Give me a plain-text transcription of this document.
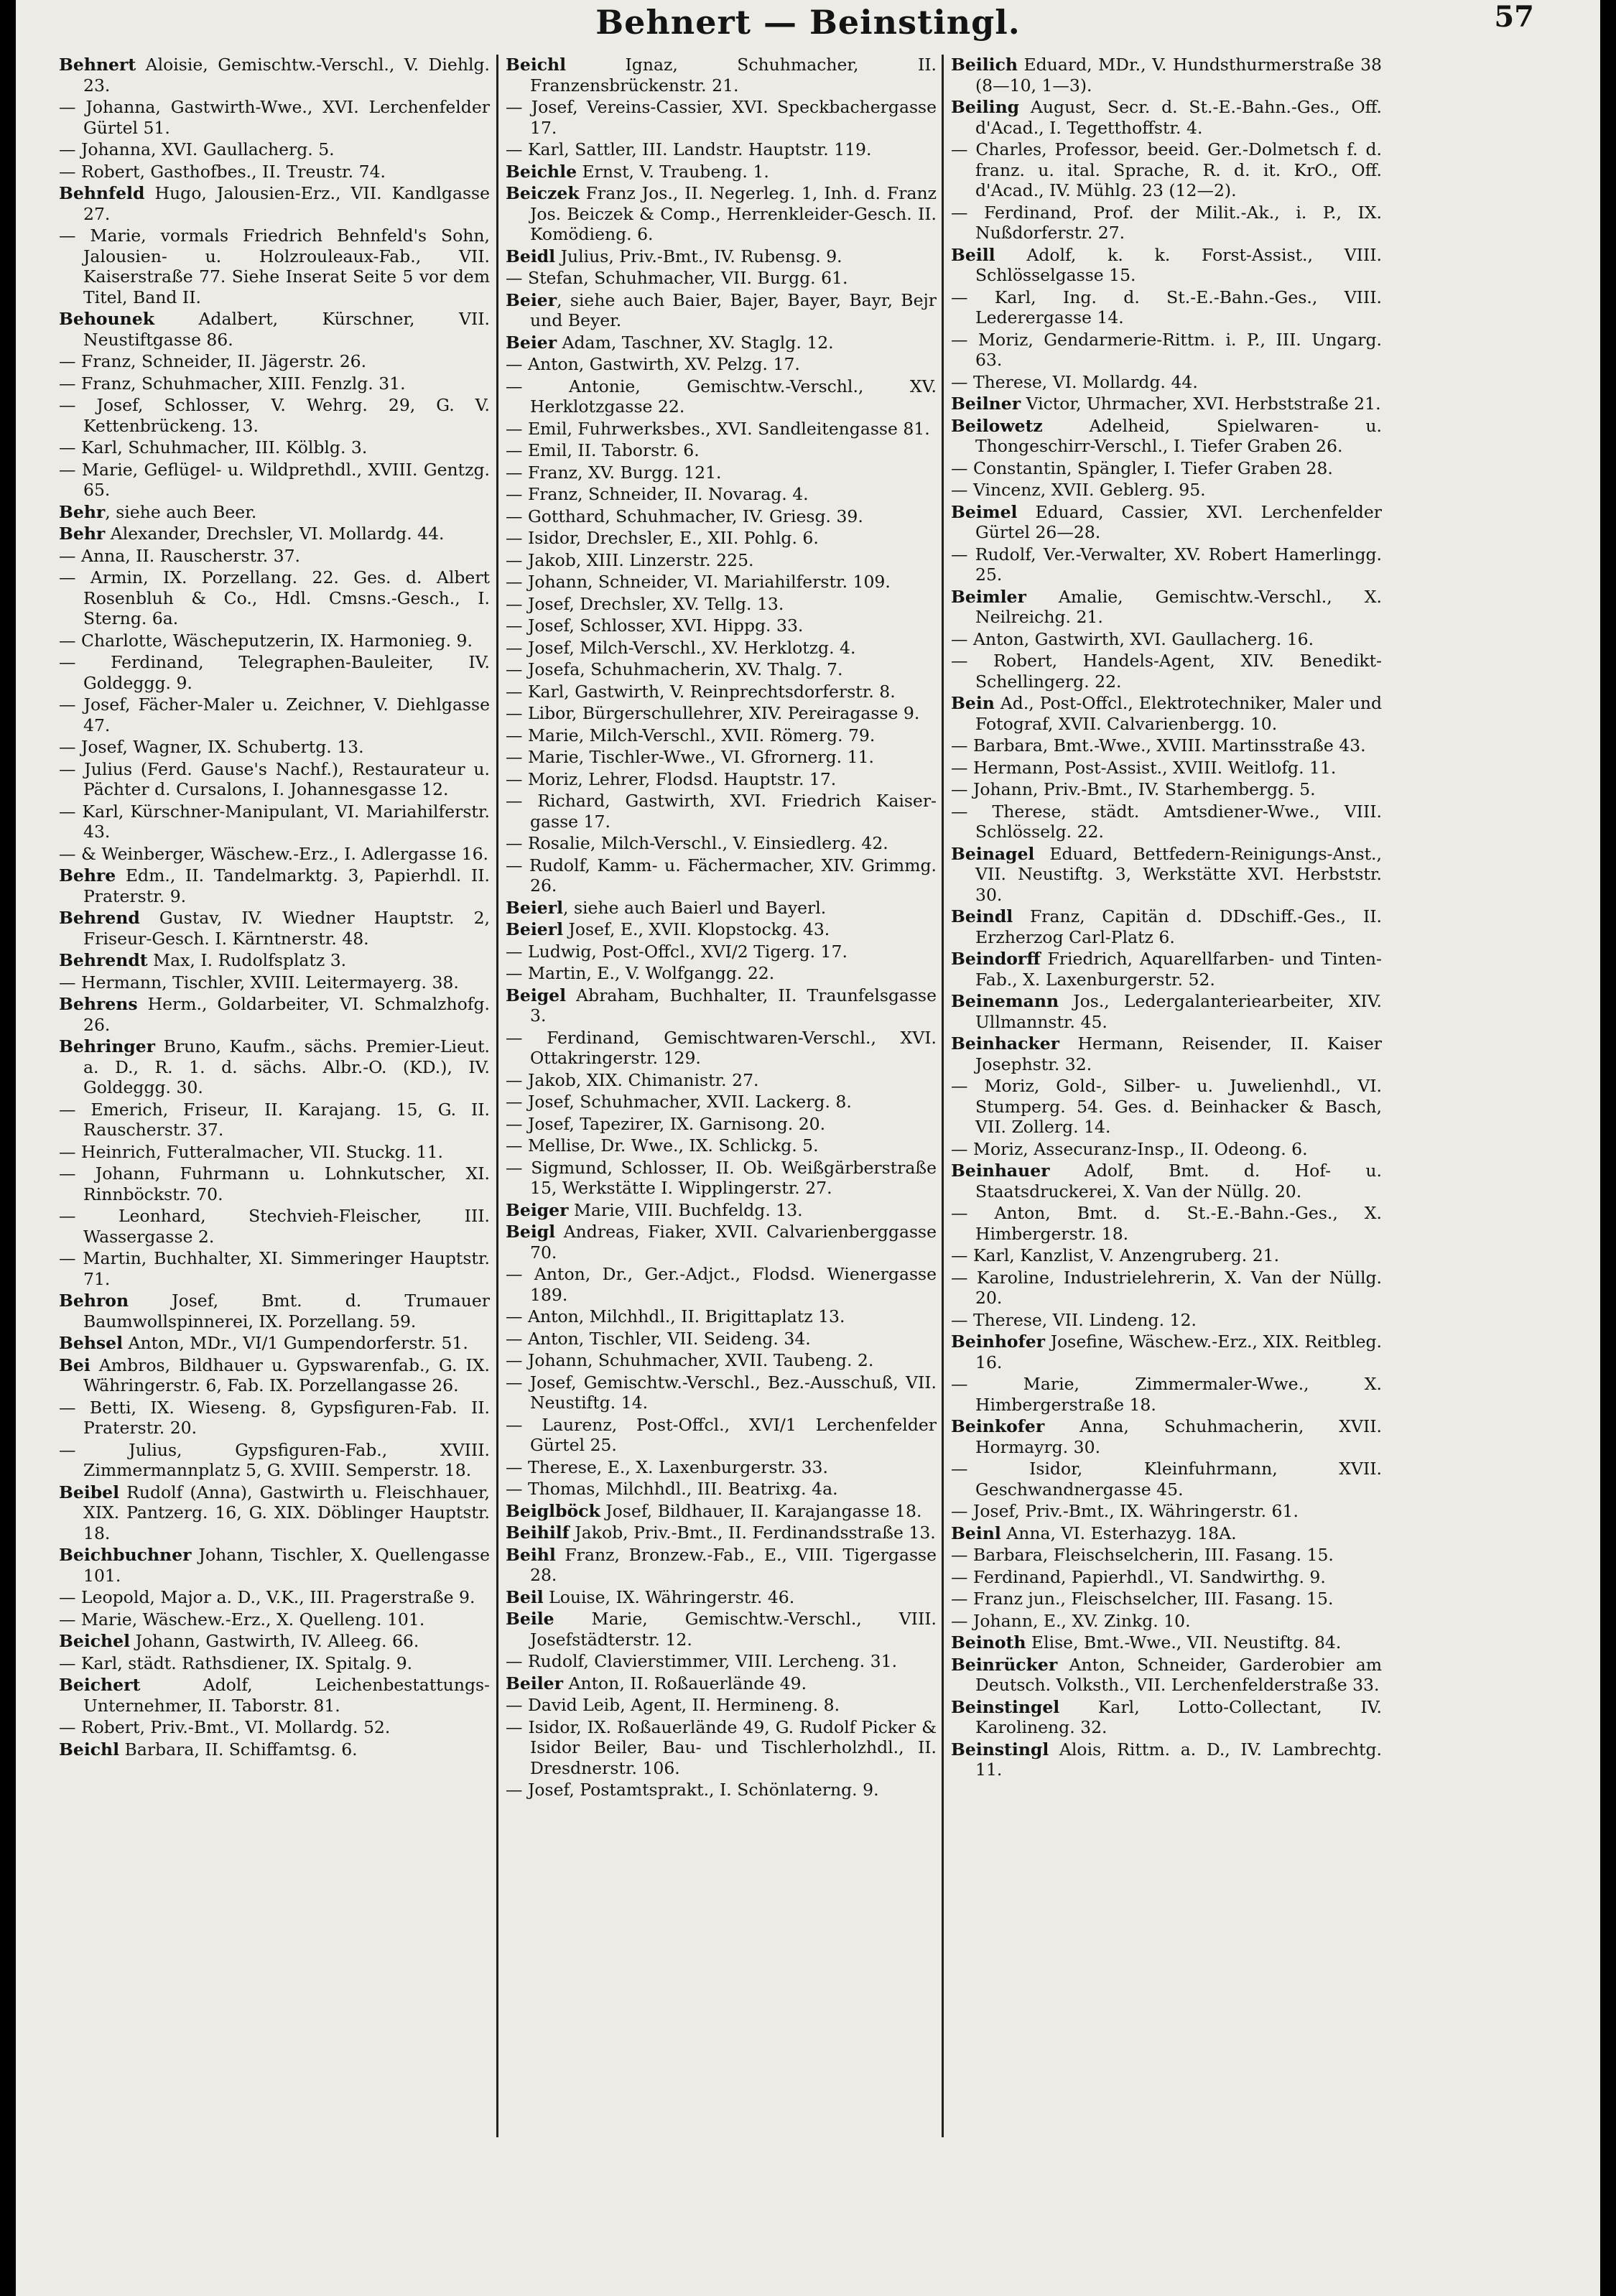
Behnert — Beinstingl.	57
Behnert Aloisie, Gemischtw.-Verschl., V. Diehlg. 23.
— Johanna, Gastwirth-Wwe., XVI. Lerchenfelder Gürtel 51.
— Johanna, XVI. Gaullacherg. 5.
— Robert, Gasthofbes., II. Treustr. 74.
Behnfeld Hugo, Jalousien-Erz., VII. Kandlgasse 27.
— Marie, vormals Friedrich Behnfeld's Sohn, Jalousien- u. Holzrouleaux-Fab., VII. Kaiserstraße 77. Siehe Inserat Seite 5 vor dem Titel, Band II.
Behounek Adalbert, Kürschner, VII. Neustiftgasse 86.
— Franz, Schneider, II. Jägerstr. 26.
— Franz, Schuhmacher, XIII. Fenzlg. 31.
— Josef, Schlosser, V. Wehrg. 29, G. V. Kettenbrückeng. 13.
— Karl, Schuhmacher, III. Kölblg. 3.
— Marie, Geflügel- u. Wildprethdl., XVIII. Gentzg. 65.
Behr, siehe auch Beer.
Behr Alexander, Drechsler, VI. Mollardg. 44.
— Anna, II. Rauscherstr. 37.
— Armin, IX. Porzellang. 22. Ges. d. Albert Rosenbluh & Co., Hdl. Cmsns.-Gesch., I. Sterng. 6a.
— Charlotte, Wäscheputzerin, IX. Harmonieg. 9.
— Ferdinand, Telegraphen-Bauleiter, IV. Goldeggg. 9.
— Josef, Fächer-Maler u. Zeichner, V. Diehlgasse 47.
— Josef, Wagner, IX. Schubertg. 13.
— Julius (Ferd. Gause's Nachf.), Restaurateur u. Pächter d. Cursalons, I. Johannesgasse 12.
— Karl, Kürschner-Manipulant, VI. Mariahilferstr. 43.
— & Weinberger, Wäschew.-Erz., I. Adlergasse 16.
Behre Edm., II. Tandelmarktg. 3, Papierhdl. II. Praterstr. 9.
Behrend Gustav, IV. Wiedner Hauptstr. 2, Friseur-Gesch. I. Kärntnerstr. 48.
Behrendt Max, I. Rudolfsplatz 3.
— Hermann, Tischler, XVIII. Leitermayerg. 38.
Behrens Herm., Goldarbeiter, VI. Schmalzhofg. 26.
Behringer Bruno, Kaufm., sächs. Premier-Lieut. a. D., R. 1. d. sächs. Albr.-O. (KD.), IV. Goldeggg. 30.
— Emerich, Friseur, II. Karajang. 15, G. II. Rauscherstr. 37.
— Heinrich, Futteralmacher, VII. Stuckg. 11.
— Johann, Fuhrmann u. Lohnkutscher, XI. Rinnböckstr. 70.
— Leonhard, Stechvieh-Fleischer, III. Wassergasse 2.
— Martin, Buchhalter, XI. Simmeringer Hauptstr. 71.
Behron Josef, Bmt. d. Trumauer Baumwollspinnerei, IX. Porzellang. 59.
Behsel Anton, MDr., VI/1 Gumpendorferstr. 51.
Bei Ambros, Bildhauer u. Gypswarenfab., G. IX. Währingerstr. 6, Fab. IX. Porzellangasse 26.
— Betti, IX. Wieseng. 8, Gypsfiguren-Fab. II. Praterstr. 20.
— Julius, Gypsfiguren-Fab., XVIII. Zimmermannplatz 5, G. XVIII. Semperstr. 18.
Beibel Rudolf (Anna), Gastwirth u. Fleischhauer, XIX. Pantzerg. 16, G. XIX. Döblinger Hauptstr. 18.
Beichbuchner Johann, Tischler, X. Quellengasse 101.
— Leopold, Major a. D., V.K., III. Pragerstraße 9.
— Marie, Wäschew.-Erz., X. Quelleng. 101.
Beichel Johann, Gastwirth, IV. Alleeg. 66.
— Karl, städt. Rathsdiener, IX. Spitalg. 9.
Beichert Adolf, Leichenbestattungs-Unternehmer, II. Taborstr. 81.
— Robert, Priv.-Bmt., VI. Mollardg. 52.
Beichl Barbara, II. Schiffamtsg. 6.
Beichl Ignaz, Schuhmacher, II. Franzensbrückenstr. 21.
— Josef, Vereins-Cassier, XVI. Speckbachergasse 17.
— Karl, Sattler, III. Landstr. Hauptstr. 119.
Beichle Ernst, V. Traubeng. 1.
Beiczek Franz Jos., II. Negerleg. 1, Inh. d. Franz Jos. Beiczek & Comp., Herrenkleider-Gesch. II. Komödieng. 6.
Beidl Julius, Priv.-Bmt., IV. Rubensg. 9.
— Stefan, Schuhmacher, VII. Burgg. 61.
Beier, siehe auch Baier, Bajer, Bayer, Bayr, Bejr und Beyer.
Beier Adam, Taschner, XV. Staglg. 12.
— Anton, Gastwirth, XV. Pelzg. 17.
— Antonie, Gemischtw.-Verschl., XV. Herklotzgasse 22.
— Emil, Fuhrwerksbes., XVI. Sandleitengasse 81.
— Emil, II. Taborstr. 6.
— Franz, XV. Burgg. 121.
— Franz, Schneider, II. Novarag. 4.
— Gotthard, Schuhmacher, IV. Griesg. 39.
— Isidor, Drechsler, E., XII. Pohlg. 6.
— Jakob, XIII. Linzerstr. 225.
— Johann, Schneider, VI. Mariahilferstr. 109.
— Josef, Drechsler, XV. Tellg. 13.
— Josef, Schlosser, XVI. Hippg. 33.
— Josef, Milch-Verschl., XV. Herklotzg. 4.
— Josefa, Schuhmacherin, XV. Thalg. 7.
— Karl, Gastwirth, V. Reinprechtsdorferstr. 8.
— Libor, Bürgerschullehrer, XIV. Pereiragasse 9.
— Marie, Milch-Verschl., XVII. Römerg. 79.
— Marie, Tischler-Wwe., VI. Gfrornerg. 11.
— Moriz, Lehrer, Flodsd. Hauptstr. 17.
— Richard, Gastwirth, XVI. Friedrich Kaiser-gasse 17.
— Rosalie, Milch-Verschl., V. Einsiedlerg. 42.
— Rudolf, Kamm- u. Fächermacher, XIV. Grimmg. 26.
Beierl, siehe auch Baierl und Bayerl.
Beierl Josef, E., XVII. Klopstockg. 43.
— Ludwig, Post-Offcl., XVI/2 Tigerg. 17.
— Martin, E., V. Wolfgangg. 22.
Beigel Abraham, Buchhalter, II. Traunfelsgasse 3.
— Ferdinand, Gemischtwaren-Verschl., XVI. Ottakringerstr. 129.
— Jakob, XIX. Chimanistr. 27.
— Josef, Schuhmacher, XVII. Lackerg. 8.
— Josef, Tapezirer, IX. Garnisong. 20.
— Mellise, Dr. Wwe., IX. Schlickg. 5.
— Sigmund, Schlosser, II. Ob. Weißgärberstraße 15, Werkstätte I. Wipplingerstr. 27.
Beiger Marie, VIII. Buchfeldg. 13.
Beigl Andreas, Fiaker, XVII. Calvarienberggasse 70.
— Anton, Dr., Ger.-Adjct., Flodsd. Wienergasse 189.
— Anton, Milchhdl., II. Brigittaplatz 13.
— Anton, Tischler, VII. Seideng. 34.
— Johann, Schuhmacher, XVII. Taubeng. 2.
— Josef, Gemischtw.-Verschl., Bez.-Ausschuß, VII. Neustiftg. 14.
— Laurenz, Post-Offcl., XVI/1 Lerchenfelder Gürtel 25.
— Therese, E., X. Laxenburgerstr. 33.
— Thomas, Milchhdl., III. Beatrixg. 4a.
Beiglböck Josef, Bildhauer, II. Karajangasse 18.
Beihilf Jakob, Priv.-Bmt., II. Ferdinandsstraße 13.
Beihl Franz, Bronzew.-Fab., E., VIII. Tigergasse 28.
Beil Louise, IX. Währingerstr. 46.
Beile Marie, Gemischtw.-Verschl., VIII. Josefstädterstr. 12.
— Rudolf, Clavierstimmer, VIII. Lercheng. 31.
Beiler Anton, II. Roßauerlände 49.
— David Leib, Agent, II. Hermineng. 8.
— Isidor, IX. Roßauerlände 49, G. Rudolf Picker & Isidor Beiler, Bau- und Tischlerholzhdl., II. Dresdnerstr. 106.
— Josef, Postamtsprakt., I. Schönlaterng. 9.
Beilich Eduard, MDr., V. Hundsthurmerstraße 38 (8—10, 1—3).
Beiling August, Secr. d. St.-E.-Bahn.-Ges., Off. d'Acad., I. Tegetthoffstr. 4.
— Charles, Professor, beeid. Ger.-Dolmetsch f. d. franz. u. ital. Sprache, R. d. it. KrO., Off. d'Acad., IV. Mühlg. 23 (12—2).
— Ferdinand, Prof. der Milit.-Ak., i. P., IX. Nußdorferstr. 27.
Beill Adolf, k. k. Forst-Assist., VIII. Schlösselgasse 15.
— Karl, Ing. d. St.-E.-Bahn.-Ges., VIII. Lederergasse 14.
— Moriz, Gendarmerie-Rittm. i. P., III. Ungarg. 63.
— Therese, VI. Mollardg. 44.
Beilner Victor, Uhrmacher, XVI. Herbststraße 21.
Beilowetz Adelheid, Spielwaren- u. Thongeschirr-Verschl., I. Tiefer Graben 26.
— Constantin, Spängler, I. Tiefer Graben 28.
— Vincenz, XVII. Geblerg. 95.
Beimel Eduard, Cassier, XVI. Lerchenfelder Gürtel 26—28.
— Rudolf, Ver.-Verwalter, XV. Robert Hamerlingg. 25.
Beimler Amalie, Gemischtw.-Verschl., X. Neilreichg. 21.
— Anton, Gastwirth, XVI. Gaullacherg. 16.
— Robert, Handels-Agent, XIV. Benedikt-Schellingerg. 22.
Bein Ad., Post-Offcl., Elektrotechniker, Maler und Fotograf, XVII. Calvarienbergg. 10.
— Barbara, Bmt.-Wwe., XVIII. Martinsstraße 43.
— Hermann, Post-Assist., XVIII. Weitlofg. 11.
— Johann, Priv.-Bmt., IV. Starhembergg. 5.
— Therese, städt. Amtsdiener-Wwe., VIII. Schlösselg. 22.
Beinagel Eduard, Bettfedern-Reinigungs-Anst., VII. Neustiftg. 3, Werkstätte XVI. Herbststr. 30.
Beindl Franz, Capitän d. DDschiff.-Ges., II. Erzherzog Carl-Platz 6.
Beindorff Friedrich, Aquarellfarben- und Tinten-Fab., X. Laxenburgerstr. 52.
Beinemann Jos., Ledergalanteriearbeiter, XIV. Ullmannstr. 45.
Beinhacker Hermann, Reisender, II. Kaiser Josephstr. 32.
— Moriz, Gold-, Silber- u. Juwelienhdl., VI. Stumperg. 54. Ges. d. Beinhacker & Basch, VII. Zollerg. 14.
— Moriz, Assecuranz-Insp., II. Odeong. 6.
Beinhauer Adolf, Bmt. d. Hof- u. Staatsdruckerei, X. Van der Nüllg. 20.
— Anton, Bmt. d. St.-E.-Bahn.-Ges., X. Himbergerstr. 18.
— Karl, Kanzlist, V. Anzengruberg. 21.
— Karoline, Industrielehrerin, X. Van der Nüllg. 20.
— Therese, VII. Lindeng. 12.
Beinhofer Josefine, Wäschew.-Erz., XIX. Reitbleg. 16.
— Marie, Zimmermaler-Wwe., X. Himbergerstraße 18.
Beinkofer Anna, Schuhmacherin, XVII. Hormayrg. 30.
— Isidor, Kleinfuhrmann, XVII. Geschwandnergasse 45.
— Josef, Priv.-Bmt., IX. Währingerstr. 61.
Beinl Anna, VI. Esterhazyg. 18A.
— Barbara, Fleischselcherin, III. Fasang. 15.
— Ferdinand, Papierhdl., VI. Sandwirthg. 9.
— Franz jun., Fleischselcher, III. Fasang. 15.
— Johann, E., XV. Zinkg. 10.
Beinoth Elise, Bmt.-Wwe., VII. Neustiftg. 84.
Beinrücker Anton, Schneider, Garderobier am Deutsch. Volksth., VII. Lerchenfelderstraße 33.
Beinstingel Karl, Lotto-Collectant, IV. Karolineng. 32.
Beinstingl Alois, Rittm. a. D., IV. Lambrechtg. 11.
